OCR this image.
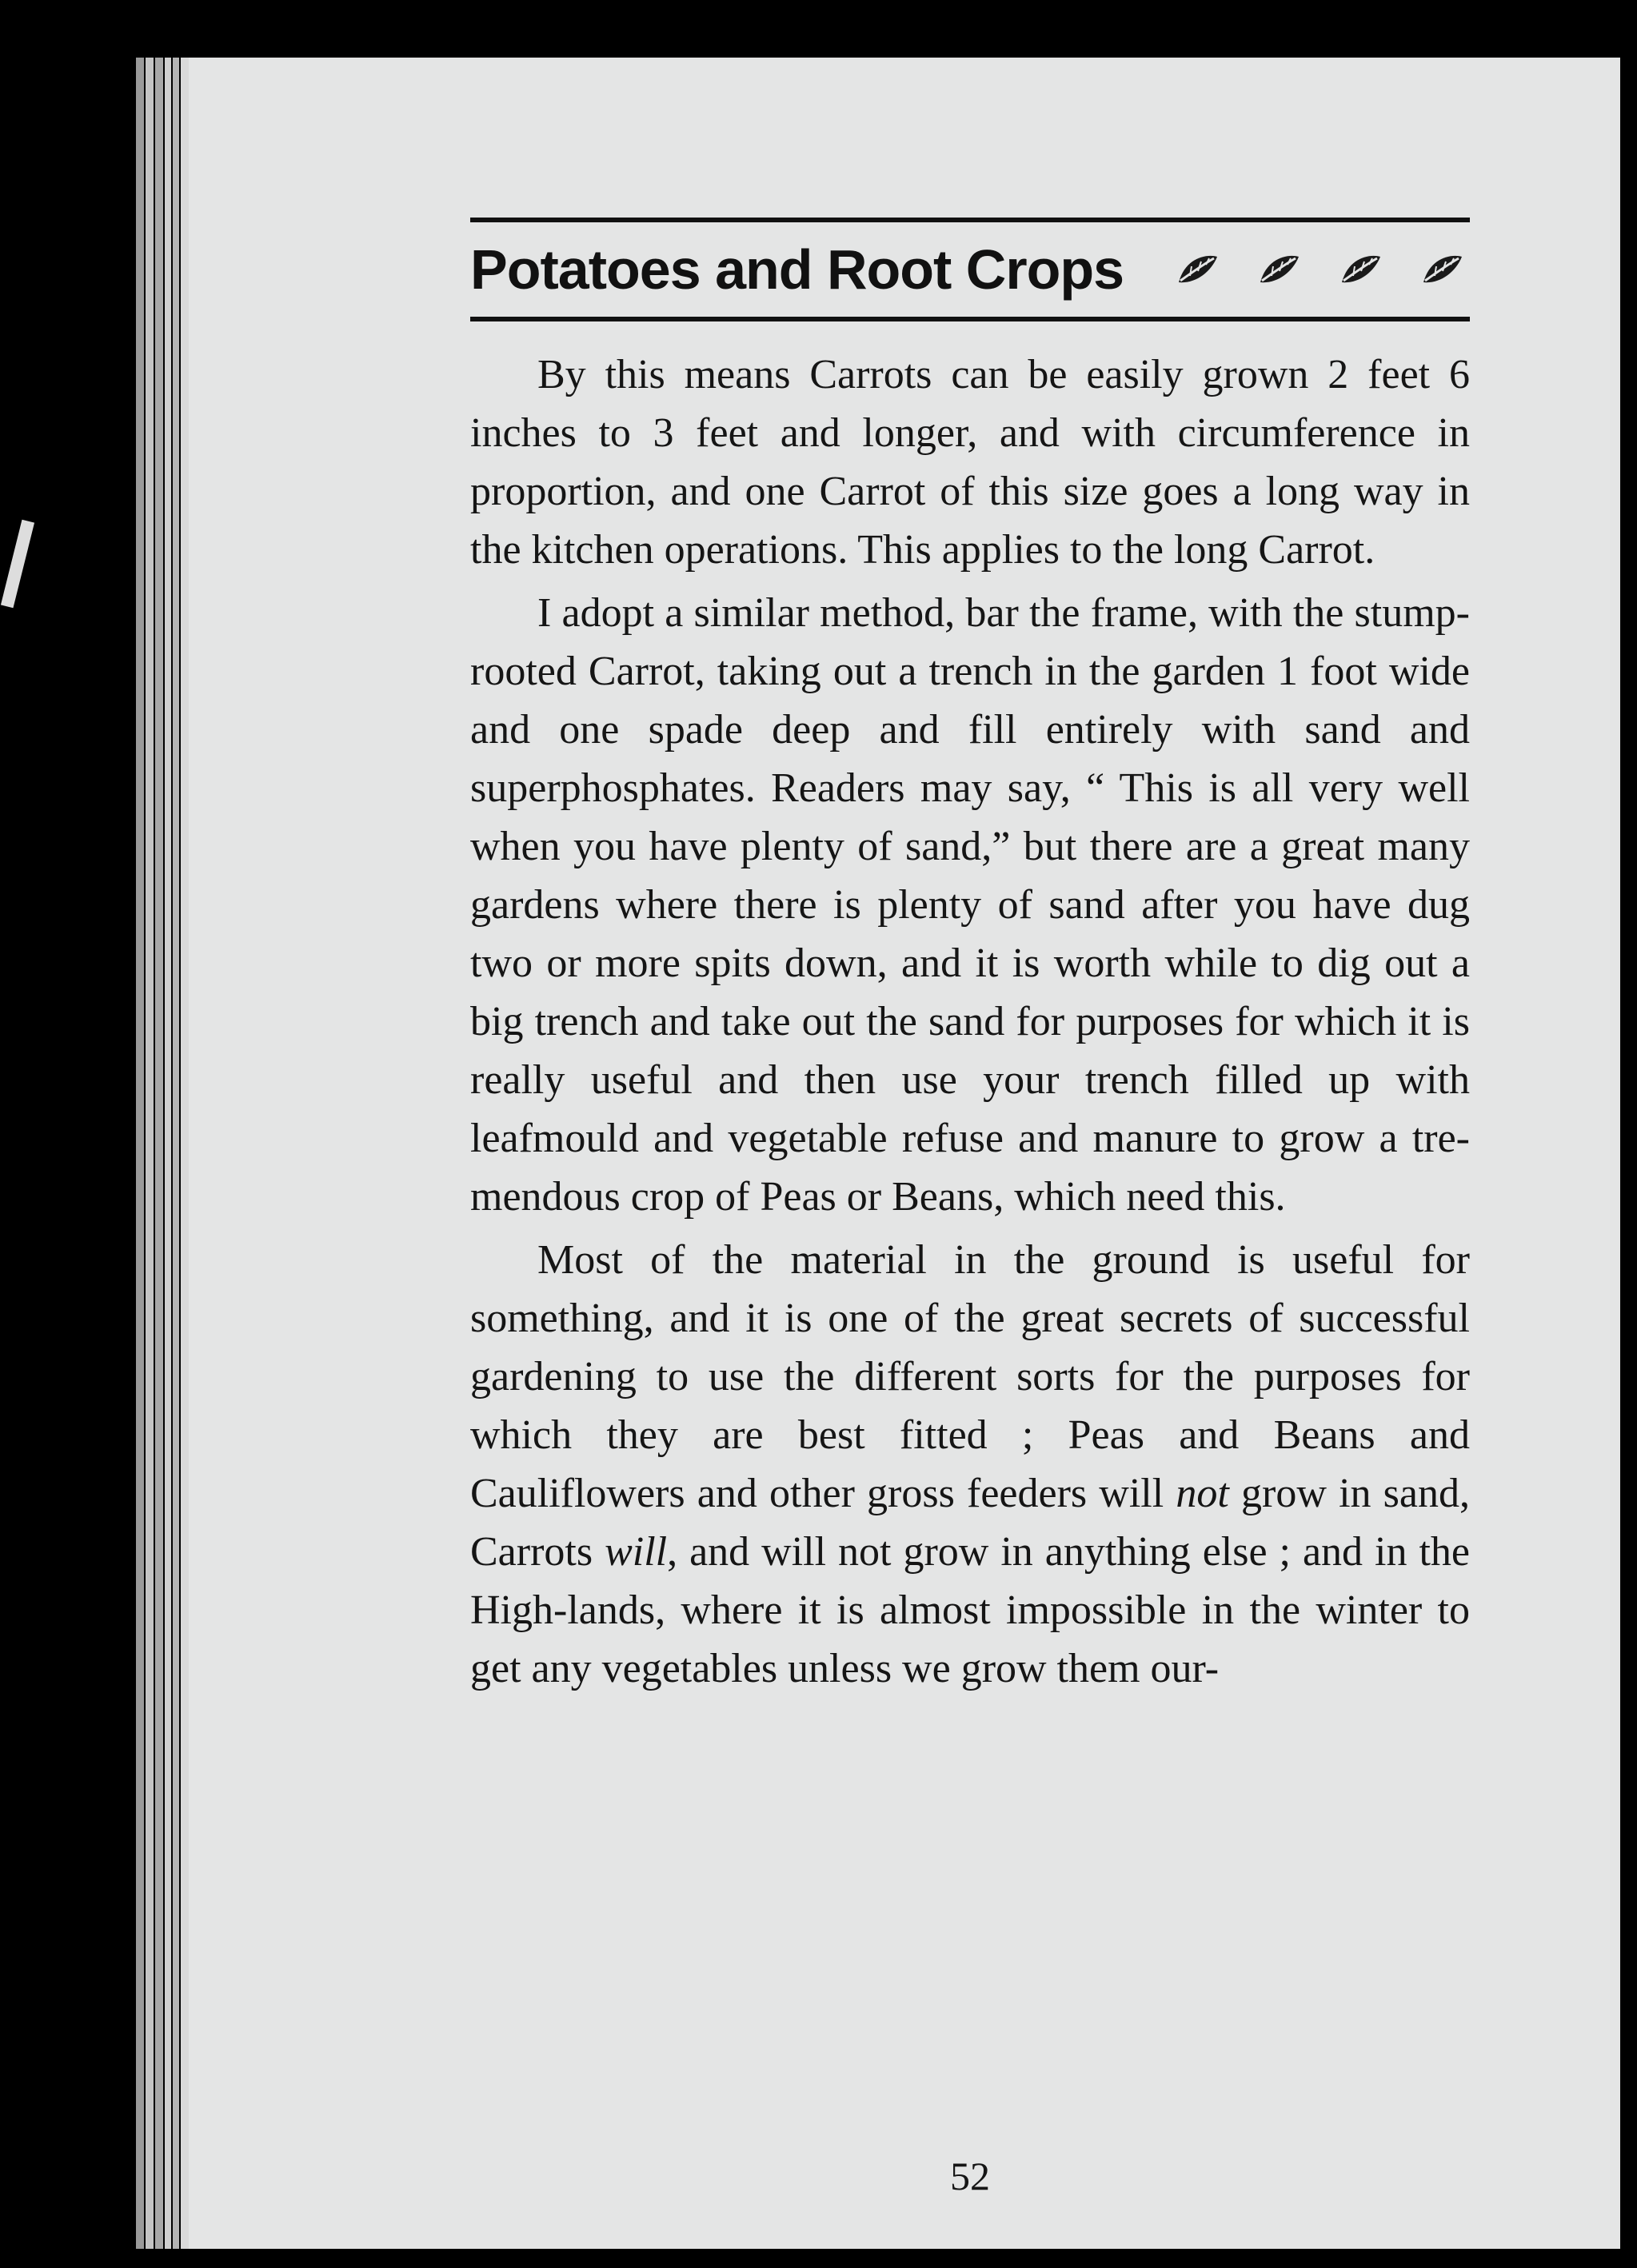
Potatoes and Root Crops

By this means Carrots can be easily grown 2 feet 6 inches to 3 feet and longer, and with circumference in proportion, and one Carrot of this size goes a long way in the kitchen operations. This applies to the long Carrot.

I adopt a similar method, bar the frame, with the stump-rooted Carrot, taking out a trench in the garden 1 foot wide and one spade deep and fill entirely with sand and superphosphates. Readers may say, “ This is all very well when you have plenty of sand,” but there are a great many gardens where there is plenty of sand after you have dug two or more spits down, and it is worth while to dig out a big trench and take out the sand for purposes for which it is really useful and then use your trench filled up with leafmould and vegetable refuse and manure to grow a tre-mendous crop of Peas or Beans, which need this.

Most of the material in the ground is useful for something, and it is one of the great secrets of successful gardening to use the different sorts for the purposes for which they are best fitted ; Peas and Beans and Cauliflowers and other gross feeders will not grow in sand, Carrots will, and will not grow in anything else ; and in the High-lands, where it is almost impossible in the winter to get any vegetables unless we grow them our-

52
